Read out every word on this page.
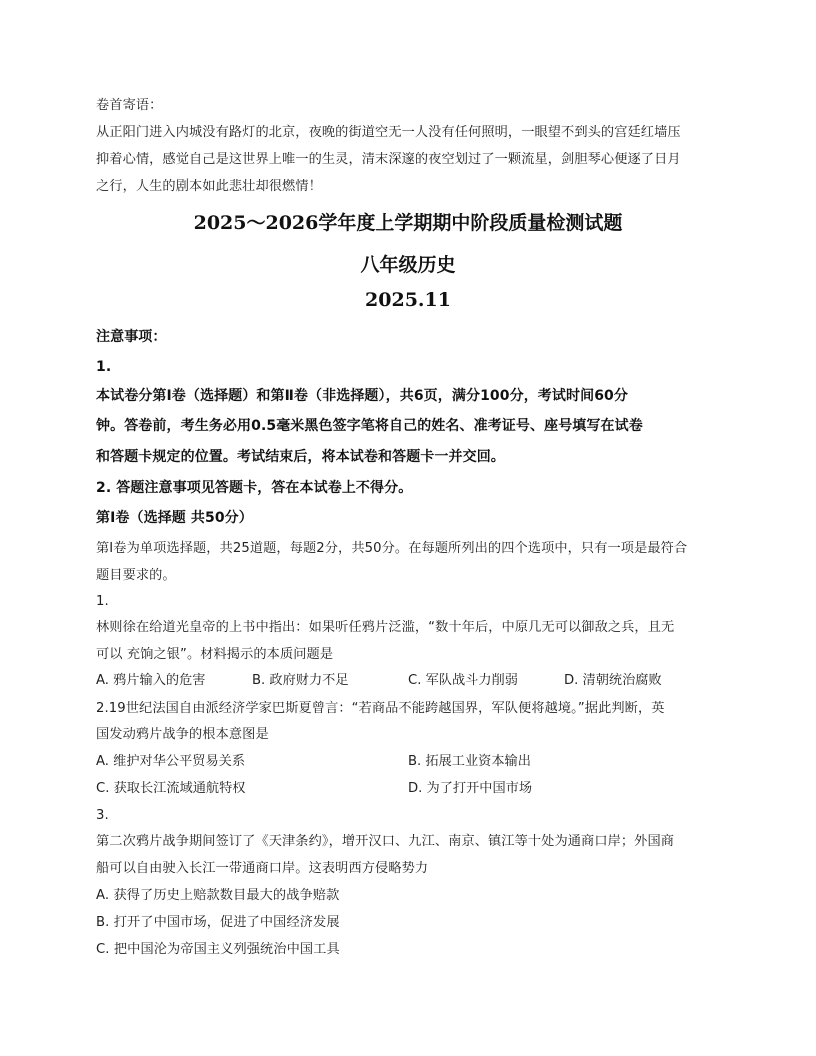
卷首寄语：
从正阳门进入内城没有路灯的北京，夜晚的街道空无一人没有任何照明，一眼望不到头的宫廷红墙压
抑着心情，感觉自己是这世界上唯一的生灵，清末深邃的夜空划过了一颗流星，剑胆琴心便逐了日月
之行，人生的剧本如此悲壮却很燃情！
2025～2026学年度上学期期中阶段质量检测试题
八年级历史
2025.11
注意事项：
1.
本试卷分第Ⅰ卷（选择题）和第Ⅱ卷（非选择题），共6页，满分100分，考试时间60分
钟。答卷前，考生务必用0.5毫米黑色签字笔将自己的姓名、准考证号、座号填写在试卷
和答题卡规定的位置。考试结束后，将本试卷和答题卡一并交回。
2. 答题注意事项见答题卡，答在本试卷上不得分。
第Ⅰ卷（选择题 共50分）
第Ⅰ卷为单项选择题，共25道题，每题2分，共50分。在每题所列出的四个选项中，只有一项是最符合
题目要求的。
1.
林则徐在给道光皇帝的上书中指出：如果听任鸦片泛滥，“数十年后，中原几无可以御敌之兵，且无
可以 充饷之银”。材料揭示的本质问题是
A. 鸦片输入的危害	B. 政府财力不足	C. 军队战斗力削弱	D. 清朝统治腐败
2.19世纪法国自由派经济学家巴斯夏曾言：“若商品不能跨越国界，军队便将越境。”据此判断，英
国发动鸦片战争的根本意图是
A. 维护对华公平贸易关系	B. 拓展工业资本输出
C. 获取长江流域通航特权	D. 为了打开中国市场
3.
第二次鸦片战争期间签订了《天津条约》，增开汉口、九江、南京、镇江等十处为通商口岸；外国商
船可以自由驶入长江一带通商口岸。这表明西方侵略势力
A. 获得了历史上赔款数目最大的战争赔款
B. 打开了中国市场，促进了中国经济发展
C. 把中国沦为帝国主义列强统治中国工具
